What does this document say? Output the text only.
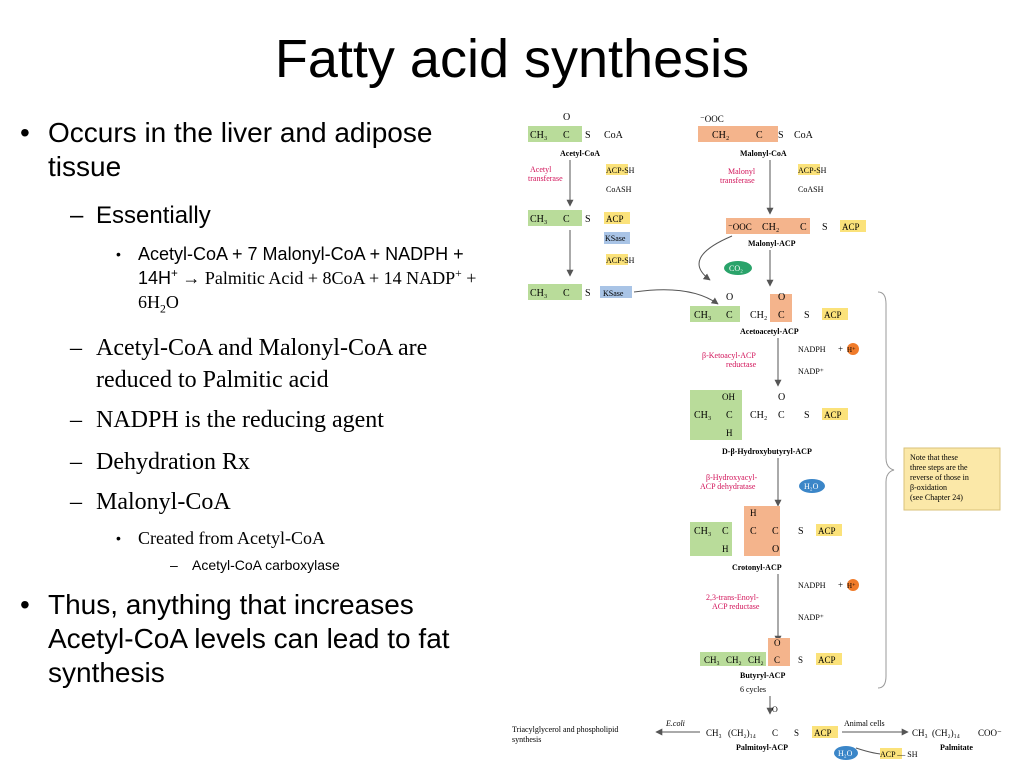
Fatty acid synthesis
• Occurs in the liver and adipose tissue
– Essentially
• Acetyl-CoA + 7 Malonyl-CoA + NADPH + 14H+ → Palmitic Acid + 8CoA + 14 NADP+ + $6H_2O$
– Acetyl-CoA and Malonyl-CoA are reduced to Palmitic acid
– NADPH is the reducing agent
– Dehydration Rx
– Malonyl-CoA
• Created from Acetyl-CoA
– Acetyl-CoA carboxylase
• Thus, anything that increases Acetyl-CoA levels can lead to fat synthesis
CH₃ C
O
S CoA
Acetyl-CoA
Acetyl
transferase
ACP-SH
CoASH
CH₃ C S ACP
KSase
ACP-SH
CH₃ C S KSase
⁻OOC
CH₂	C S CoA
Malonyl-CoA
Malonyl
transferase
ACP-SH
CoASH
⁻OOC CH₂ C S ACP
Malonyl-ACP
CO₂
CH₃ C
O
CH₂ C
O
S ACP
Acetoacetyl-ACP
β-Ketoacyl-ACP
reductase
NADPH + H⁺
NADP⁺
OH
CH₃ C
H
CH₂ C
O
S ACP
D-β-Hydroxybutyryl-ACP
β-Hydroxyacyl-
ACP dehydratase	H₂O
CH₃ C
H
H
C C
O
S ACP
Crotonyl-ACP
2,3-trans-Enoyl-
ACP reductase
NADPH + H⁺
NADP⁺
CH₃ CH₂ CH₂ C
O
S ACP
Butyryl-ACP
6 cycles
O
CH₃ (CH₂)₁₄ C S ACP
Palmitoyl-ACP
E.coli
Triacylglycerol and phospholipid
synthesis
Animal cells
H₂O	ACP — SH
CH₃ (CH₂)₁₄ COO⁻
Palmitate
Note that these
three steps are the
reverse of those in
β-oxidation
(see Chapter 24)
